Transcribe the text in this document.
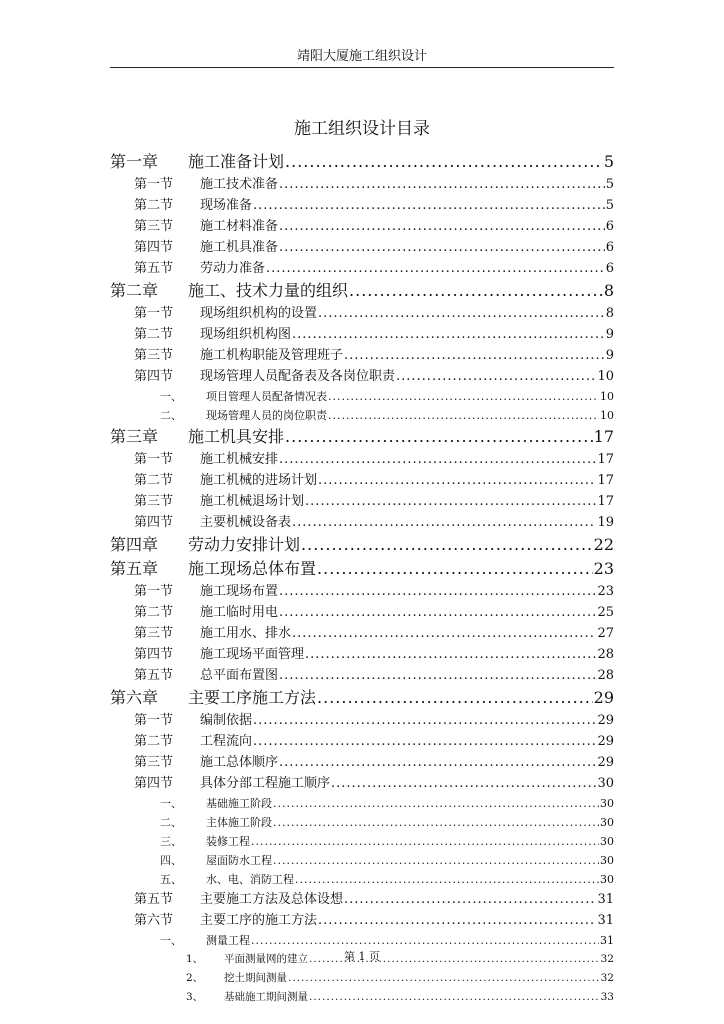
靖阳大厦施工组织设计
施工组织设计目录
第一章	施工准备计划 .....	5
第一节	施工技术准备 .....	5
第二节	现场准备 .....	5
第三节	施工材料准备 .....	6
第四节	施工机具准备 .....	6
第五节	劳动力准备 .....	6
第二章	施工、技术力量的组织 .....	8
第一节	现场组织机构的设置 .....	8
第二节	现场组织机构图 .....	9
第三节	施工机构职能及管理班子 .....	9
第四节	现场管理人员配备表及各岗位职责 .....	10
一、	项目管理人员配备情况表 .....	10
二、	现场管理人员的岗位职责 .....	10
第三章	施工机具安排 .....	17
第一节	施工机械安排 .....	17
第二节	施工机械的进场计划 .....	17
第三节	施工机械退场计划 .....	17
第四节	主要机械设备表 .....	19
第四章	劳动力安排计划 .....	22
第五章	施工现场总体布置 .....	23
第一节	施工现场布置 .....	23
第二节	施工临时用电 .....	25
第三节	施工用水、排水 .....	27
第四节	施工现场平面管理 .....	28
第五节	总平面布置图 .....	28
第六章	主要工序施工方法 .....	29
第一节	编制依据 .....	29
第二节	工程流向 .....	29
第三节	施工总体顺序 .....	29
第四节	具体分部工程施工顺序 .....	30
一、	基础施工阶段 .....	30
二、	主体施工阶段 .....	30
三、	装修工程 .....	30
四、	屋面防水工程 .....	30
五、	水、电、消防工程 .....	30
第五节	主要施工方法及总体设想 .....	31
第六节	主要工序的施工方法 .....	31
一、	测量工程 .....	31
1、	平面测量网的建立 .....	32
2、	挖土期间测量 .....	32
3、	基础施工期间测量 .....	33
第 1 页
